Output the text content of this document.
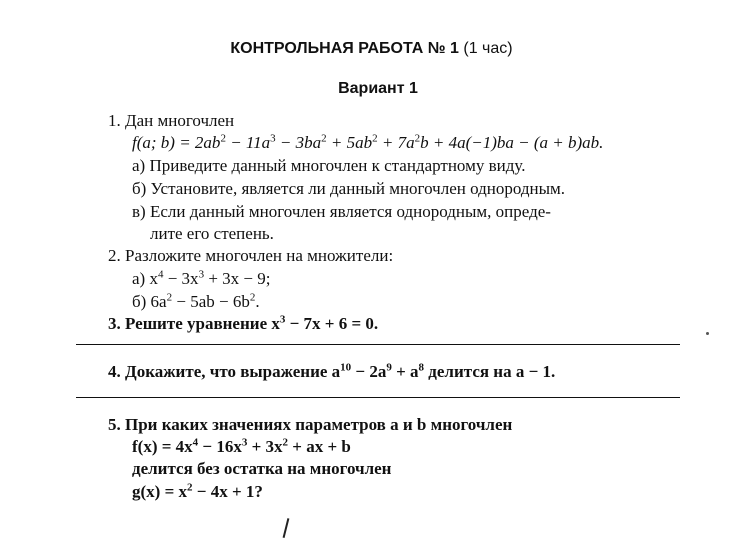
КОНТРОЛЬНАЯ РАБОТА № 1 (1 час)
Вариант 1
1. Дан многочлен
f(a; $b) = 2ab^2 - 11a^3 - 3ba^2 + 5ab^2 + 7a^2b + 4a(-1)ba - (a + b)ab$.
а) Приведите данный многочлен к стандартному виду.
б) Установите, является ли данный многочлен однородным.
в) Если данный многочлен является однородным, опреде-
лите его степень.
2. Разложите многочлен на множители:
а) $x^4 - 3x^3 + 3x - 9$;
б) $6a^2 - 5ab - 6b^2$.
3. Решите уравнение $x^3 - 7x + 6 = 0$.
4. Докажите, что выражение $a^{10} - 2a^9 + a^8$ делится на a − 1.
5. При каких значениях параметров a и b многочлен
$f(x) = 4x^4 - 16x^3 + 3x^2$ + ax + b
делится без остатка на многочлен
$g(x) = x^2 - 4x + 1$?
